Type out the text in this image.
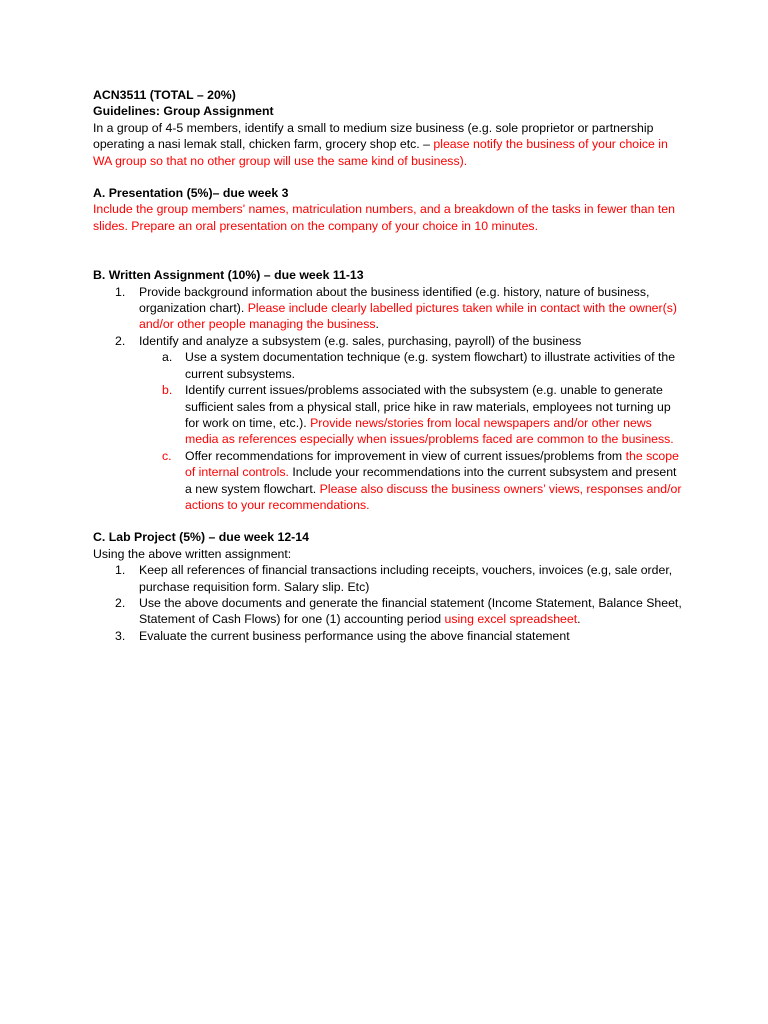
ACN3511 (TOTAL – 20%)

Guidelines: Group Assignment

In a group of 4-5 members, identify a small to medium size business (e.g. sole proprietor or partnership operating a nasi lemak stall, chicken farm, grocery shop etc. – please notify the business of your choice in WA group so that no other group will use the same kind of business).

A. Presentation (5%)– due week 3

Include the group members' names, matriculation numbers, and a breakdown of the tasks in fewer than ten slides. Prepare an oral presentation on the company of your choice in 10 minutes.

B. Written Assignment (10%) – due week 11-13

1.	Provide background information about the business identified (e.g. history, nature of business, organization chart). Please include clearly labelled pictures taken while in contact with the owner(s) and/or other people managing the business.

2.	Identify and analyze a subsystem (e.g. sales, purchasing, payroll) of the business

a.	Use a system documentation technique (e.g. system flowchart) to illustrate activities of the current subsystems.

b.	Identify current issues/problems associated with the subsystem (e.g. unable to generate sufficient sales from a physical stall, price hike in raw materials, employees not turning up for work on time, etc.). Provide news/stories from local newspapers and/or other news media as references especially when issues/problems faced are common to the business.

c.	Offer recommendations for improvement in view of current issues/problems from the scope of internal controls. Include your recommendations into the current subsystem and present a new system flowchart. Please also discuss the business owners’ views, responses and/or actions to your recommendations.

C. Lab Project (5%) – due week 12-14

Using the above written assignment:

1.	Keep all references of financial transactions including receipts, vouchers, invoices (e.g, sale order, purchase requisition form. Salary slip. Etc)

2.	Use the above documents and generate the financial statement (Income Statement, Balance Sheet, Statement of Cash Flows) for one (1) accounting period using excel spreadsheet.

3.	Evaluate the current business performance using the above financial statement
